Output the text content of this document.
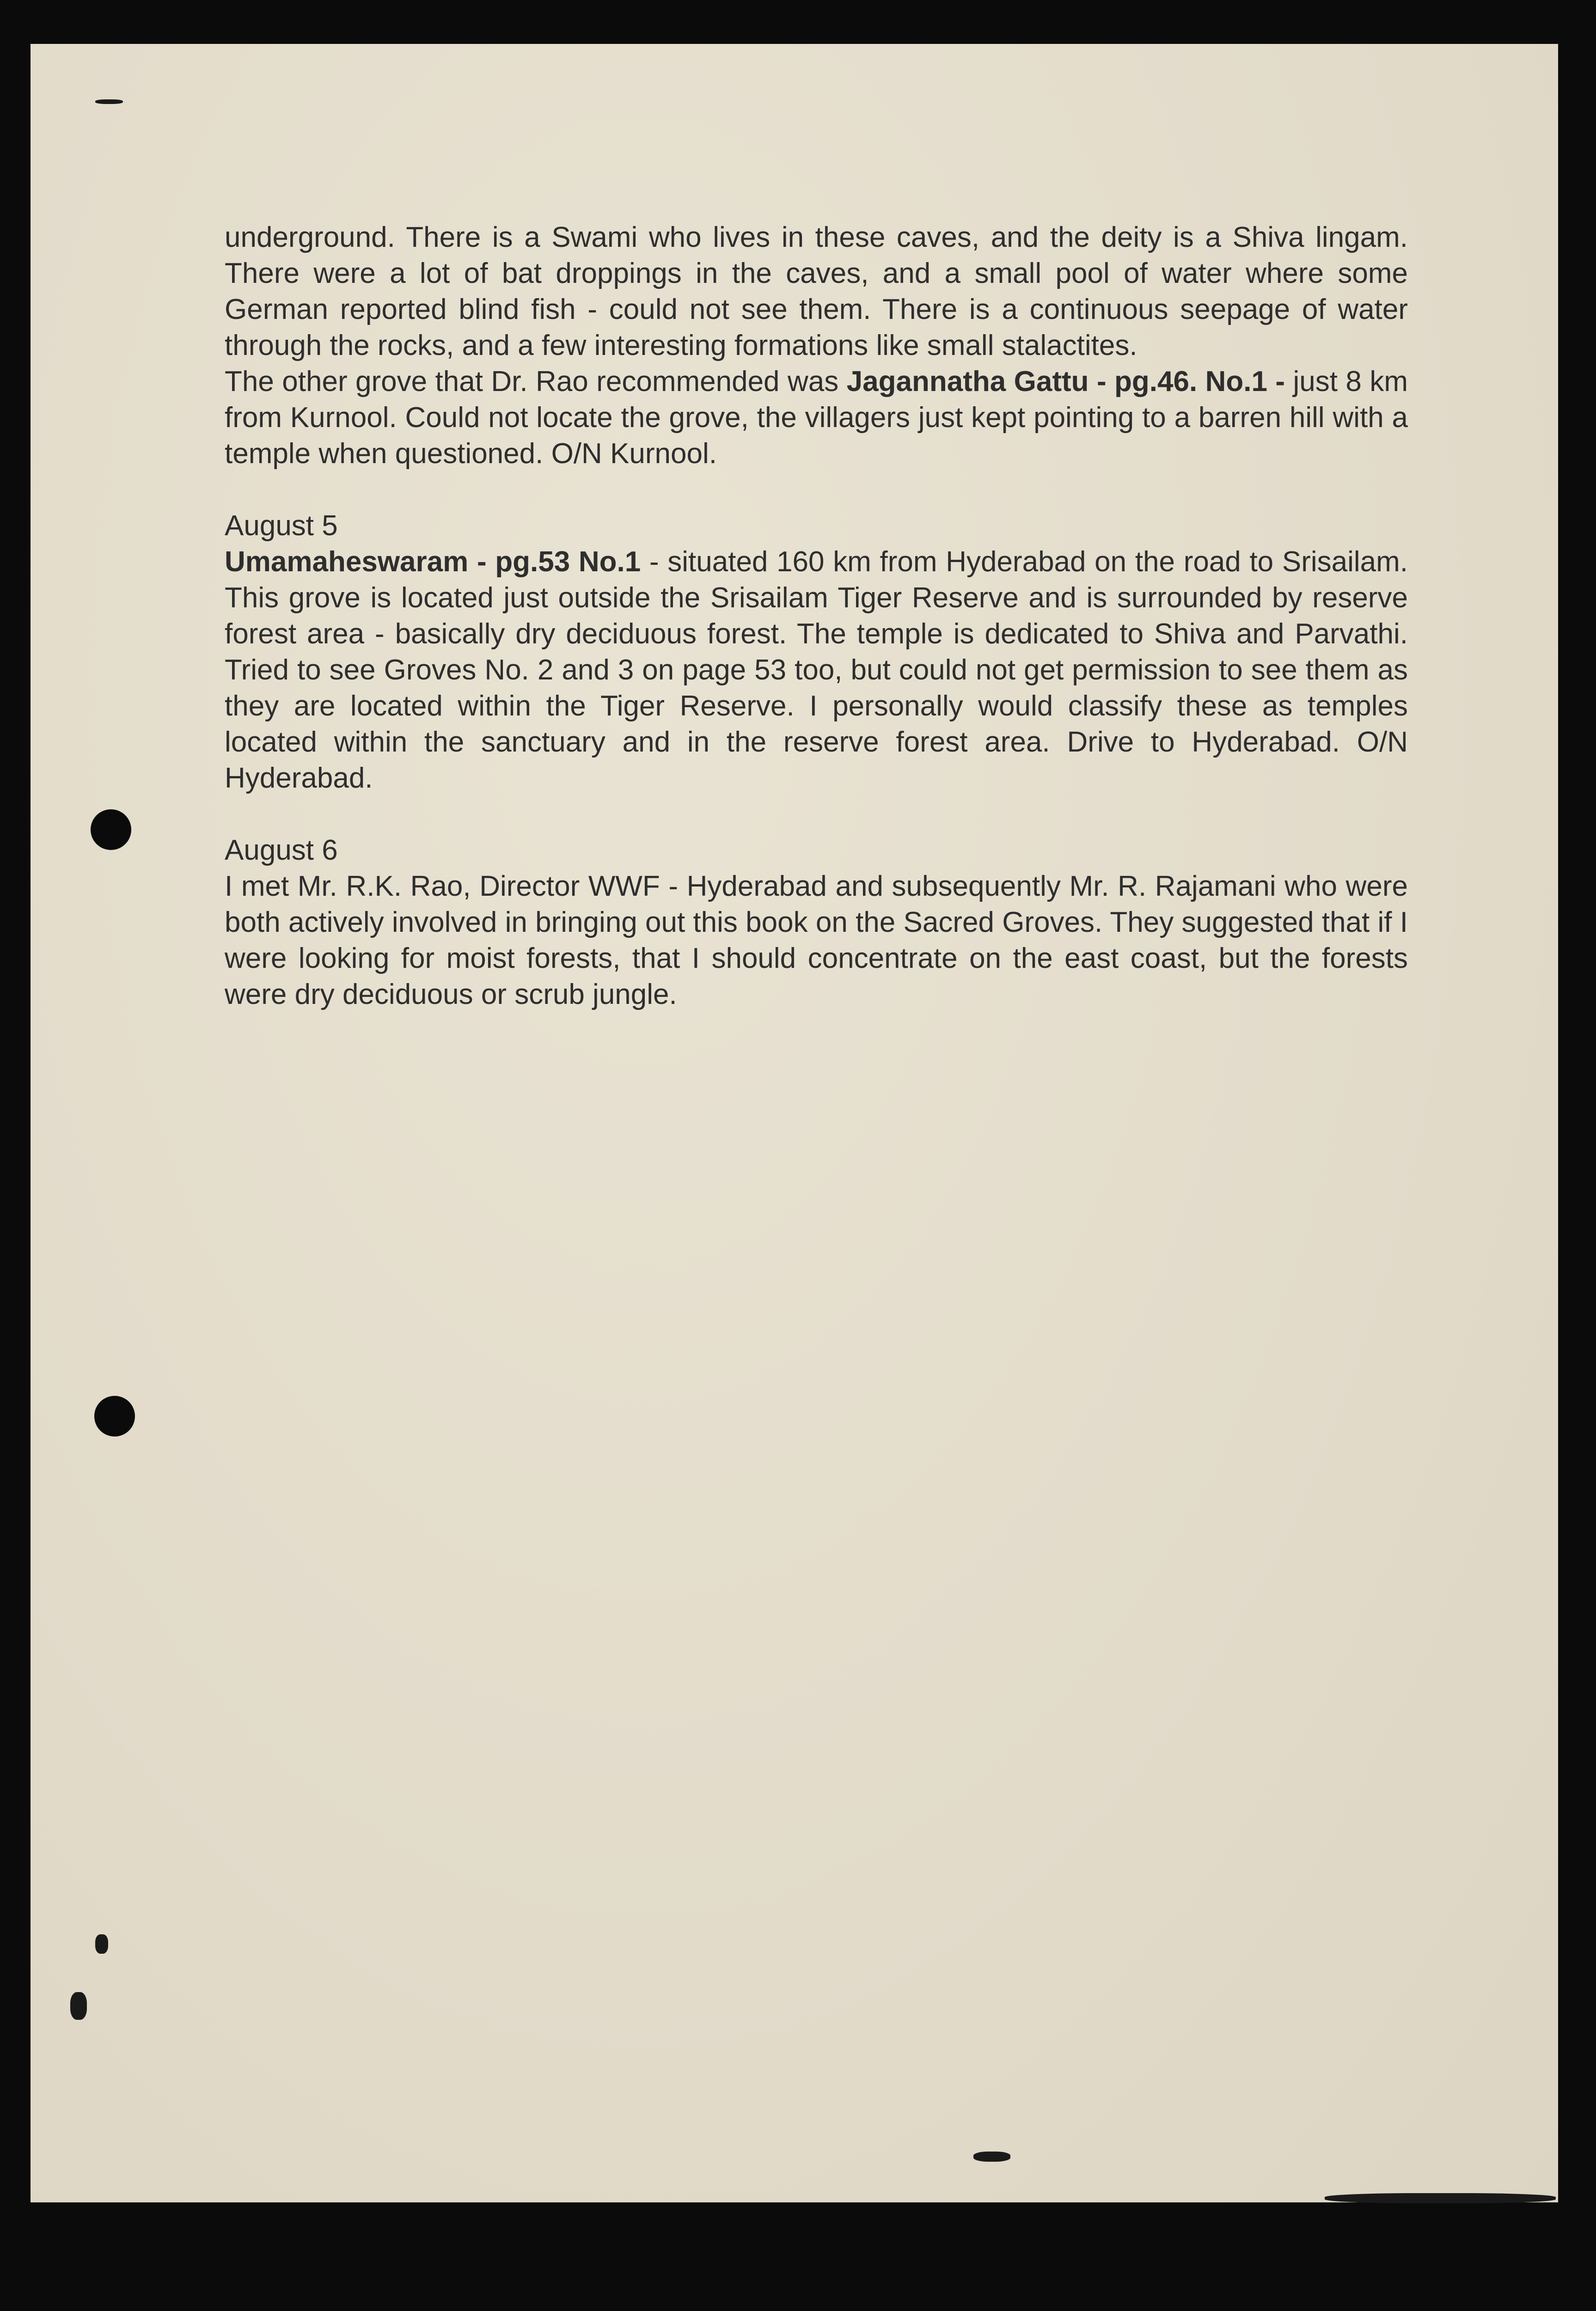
underground. There is a Swami who lives in these caves, and the deity is a Shiva lingam. There were a lot of bat droppings in the caves, and a small pool of water where some German reported blind fish - could not see them. There is a continuous seepage of water through the rocks, and a few interesting formations like small stalactites.

The other grove that Dr. Rao recommended was Jagannatha Gattu - pg.46. No.1 - just 8 km from Kurnool. Could not locate the grove, the villagers just kept pointing to a barren hill with a temple when questioned. O/N Kurnool.

August 5

Umamaheswaram - pg.53 No.1 - situated 160 km from Hyderabad on the road to Srisailam. This grove is located just outside the Srisailam Tiger Reserve and is surrounded by reserve forest area - basically dry deciduous forest. The temple is dedicated to Shiva and Parvathi. Tried to see Groves No. 2 and 3 on page 53 too, but could not get permission to see them as they are located within the Tiger Reserve. I personally would classify these as temples located within the sanctuary and in the reserve forest area. Drive to Hyderabad. O/N Hyderabad.

August 6

I met Mr. R.K. Rao, Director WWF - Hyderabad and subsequently Mr. R. Rajamani who were both actively involved in bringing out this book on the Sacred Groves. They suggested that if I were looking for moist forests, that I should concentrate on the east coast, but the forests were dry deciduous or scrub jungle.
